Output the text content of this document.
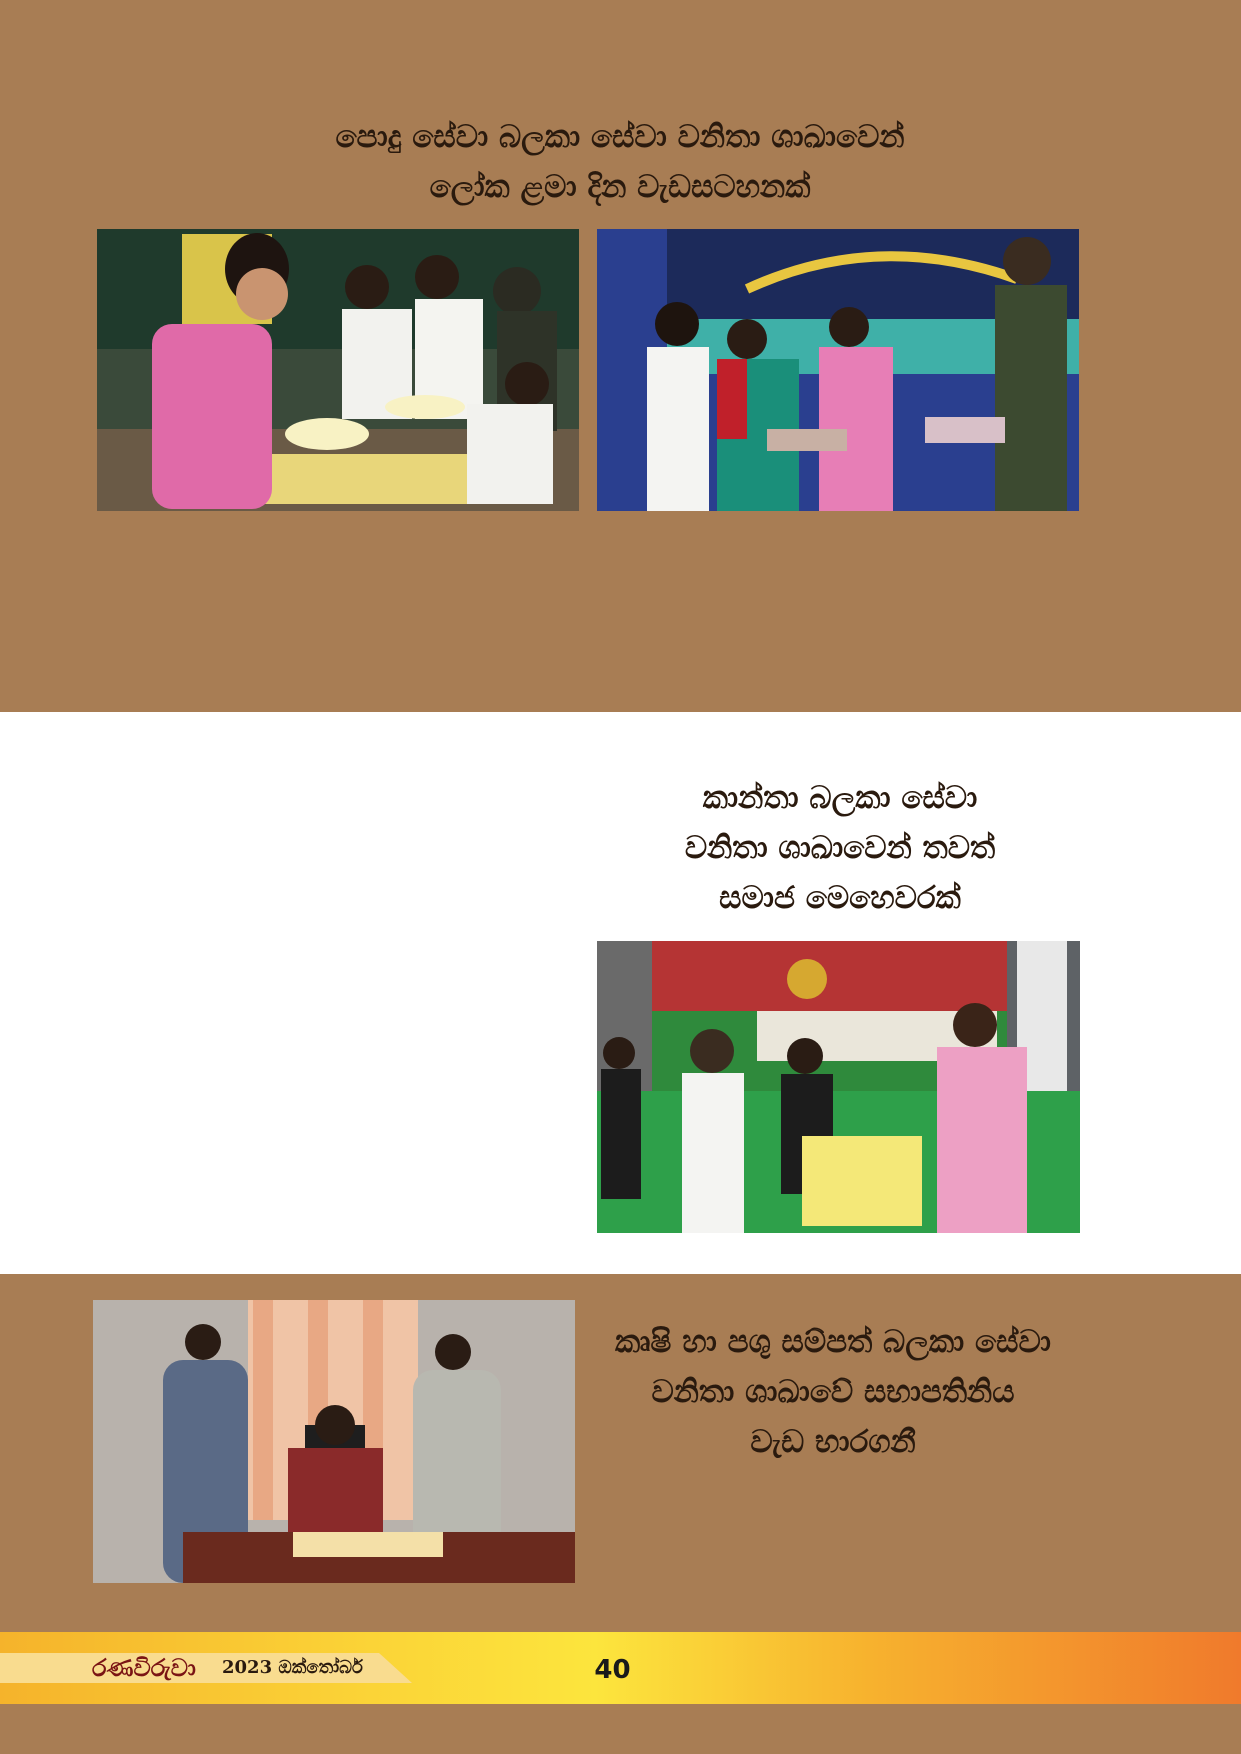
පොදු සේවා බලකා සේවා වනිතා ශාඛාවෙන්
ලෝක ළමා දින වැඩසටහනක්

කාන්තා බලකා සේවා
වනිතා ශාඛාවෙන් තවත්
සමාජ මෙහෙවරක්
කෘෂි හා පශු සම්පත් බලකා සේවා
වනිතා ශාඛාවේ සභාපතිනිය
වැඩ භාරගනී
රණවිරුවා 2023 ඔක්තෝබර්	40
